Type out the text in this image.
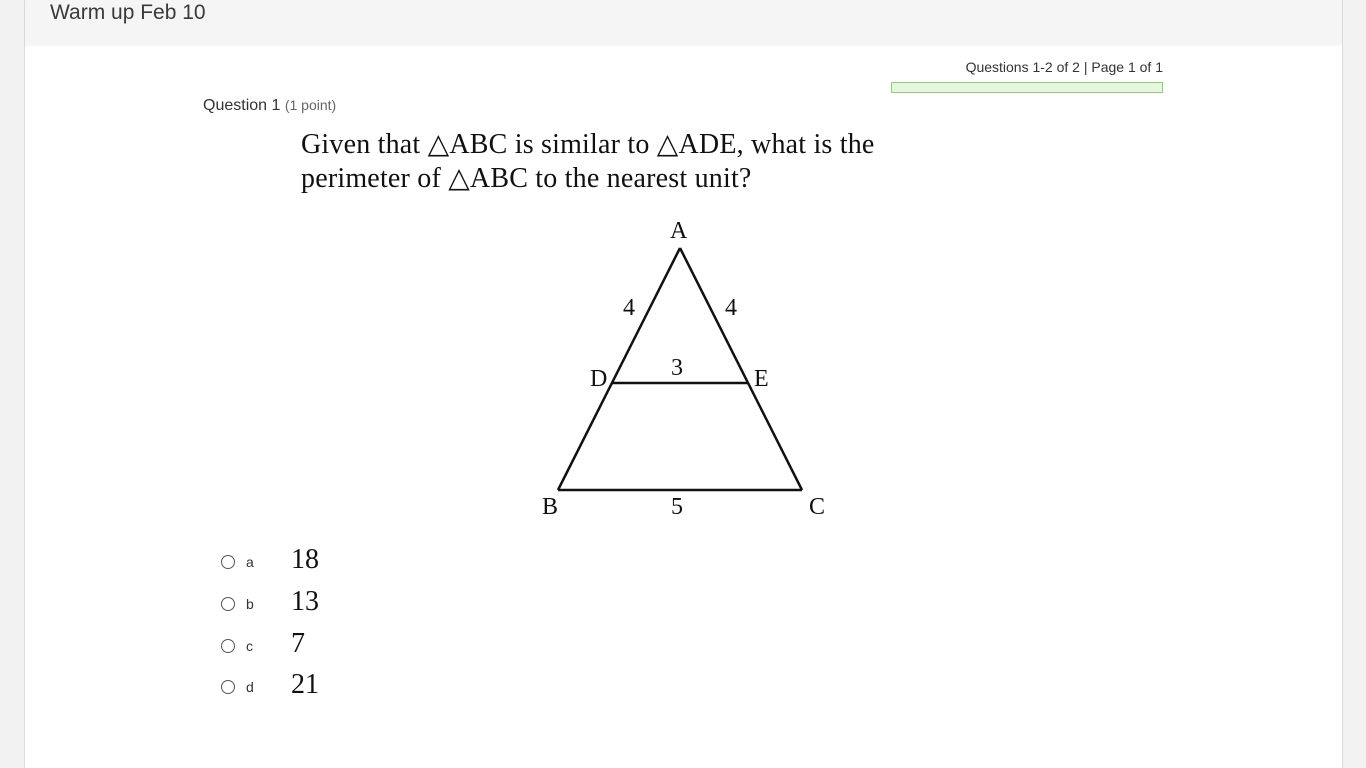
Warm up Feb 10
Questions 1-2 of 2 | Page 1 of 1
Question 1 (1 point)
Given that △ABC is similar to △ADE, what is the
perimeter of △ABC to the nearest unit?
A
B	C
D	E
4	4
3
5
a 18
b 13
c 7
d 21
